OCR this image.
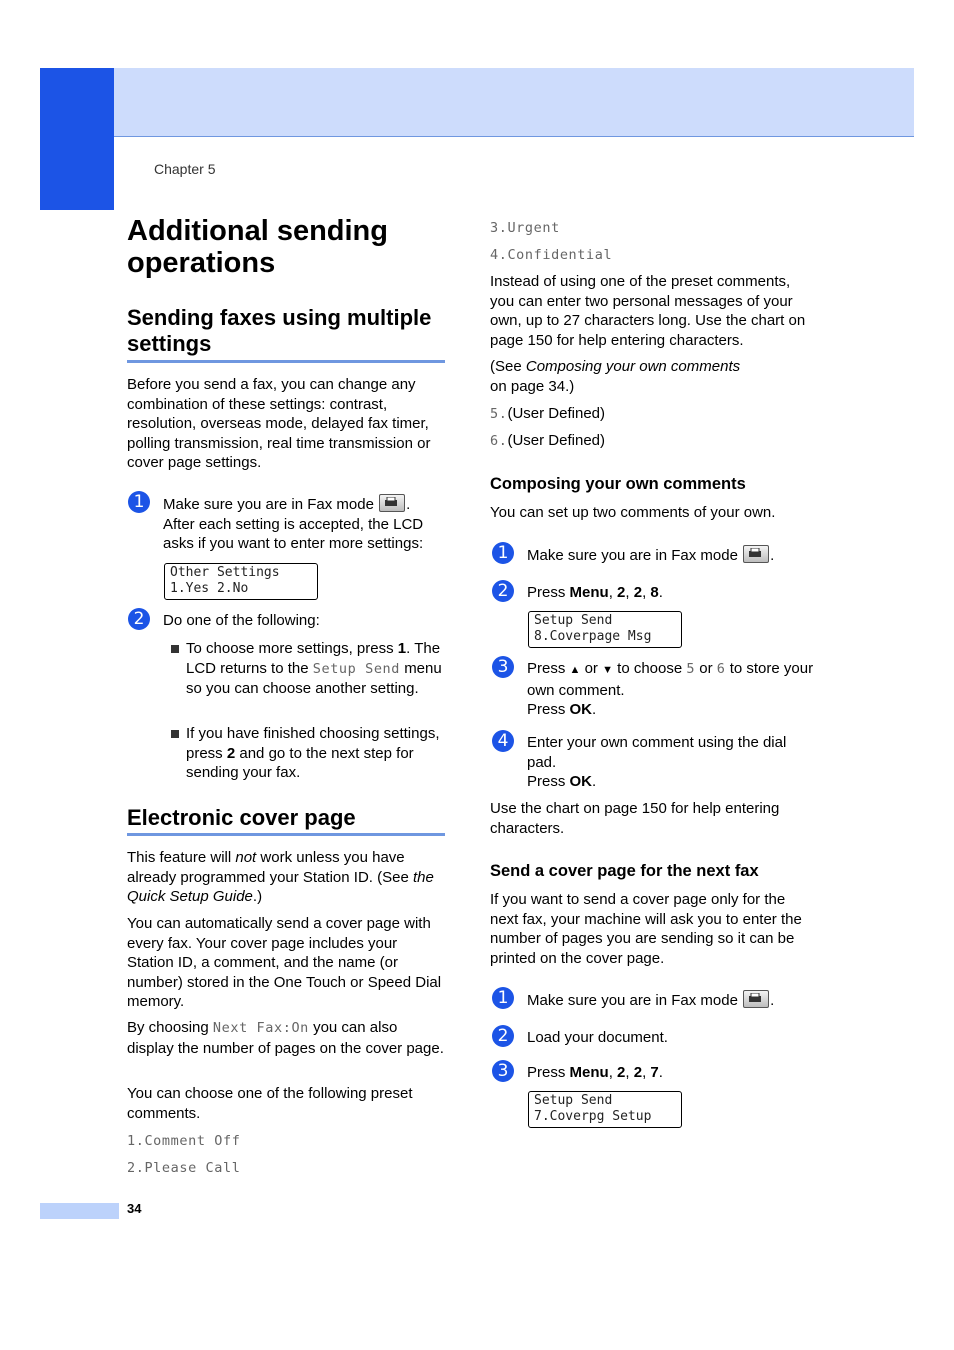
Chapter 5
Additional sending operations
Sending faxes using multiple settings
Before you send a fax, you can change any combination of these settings: contrast, resolution, overseas mode, delayed fax timer, polling transmission, real time transmission or cover page settings.
1	Make sure you are in Fax mode .
After each setting is accepted, the LCD asks if you want to enter more settings:
Other Settings
1.Yes 2.No
2	Do one of the following:
To choose more settings, press 1. The LCD returns to the Setup Send menu so you can choose another setting.
If you have finished choosing settings, press 2 and go to the next step for sending your fax.
Electronic cover page
This feature will not work unless you have already programmed your Station ID. (See the Quick Setup Guide.)
You can automatically send a cover page with every fax. Your cover page includes your Station ID, a comment, and the name (or number) stored in the One Touch or Speed Dial memory.
By choosing Next Fax:On you can also display the number of pages on the cover page.
You can choose one of the following preset comments.
1.Comment Off
2.Please Call
3.Urgent
4.Confidential
Instead of using one of the preset comments, you can enter two personal messages of your own, up to 27 characters long. Use the chart on page 150 for help entering characters.
(See Composing your own comments
on page 34.)
5.(User Defined)
6.(User Defined)
Composing your own comments
You can set up two comments of your own.
1	Make sure you are in Fax mode .
2	Press Menu, 2, 2, 8.
Setup Send
8.Coverpage Msg
3	Press ▲ or ▼ to choose 5 or 6 to store your own comment.
Press OK.
4	Enter your own comment using the dial pad.
Press OK.
Use the chart on page 150 for help entering characters.
Send a cover page for the next fax
If you want to send a cover page only for the next fax, your machine will ask you to enter the number of pages you are sending so it can be printed on the cover page.
1	Make sure you are in Fax mode .
2	Load your document.
3	Press Menu, 2, 2, 7.
Setup Send
7.Coverpg Setup
34
